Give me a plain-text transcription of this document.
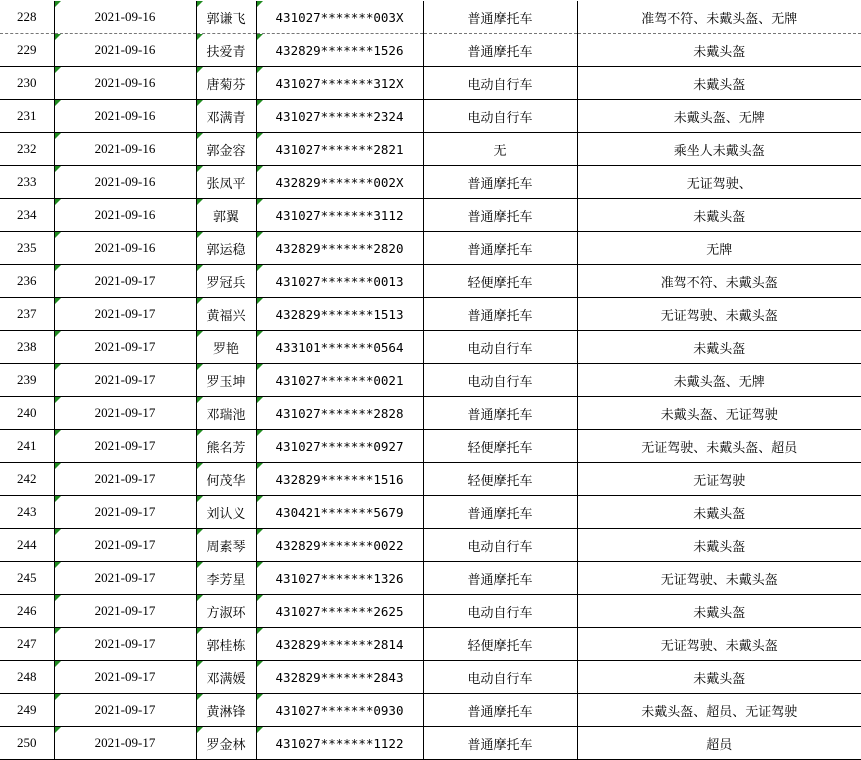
228	2021-09-16	郭谦飞	431027*******003X	普通摩托车	准驾不符、未戴头盔、无牌
229	2021-09-16	扶爱青	432829*******1526	普通摩托车	未戴头盔
230	2021-09-16	唐菊芬	431027*******312X	电动自行车	未戴头盔
231	2021-09-16	邓满青	431027*******2324	电动自行车	未戴头盔、无牌
232	2021-09-16	郭金容	431027*******2821	无	乘坐人未戴头盔
233	2021-09-16	张凤平	432829*******002X	普通摩托车	无证驾驶、
234	2021-09-16	郭翼	431027*******3112	普通摩托车	未戴头盔
235	2021-09-16	郭运稳	432829*******2820	普通摩托车	无牌
236	2021-09-17	罗冠兵	431027*******0013	轻便摩托车	准驾不符、未戴头盔
237	2021-09-17	黄福兴	432829*******1513	普通摩托车	无证驾驶、未戴头盔
238	2021-09-17	罗艳	433101*******0564	电动自行车	未戴头盔
239	2021-09-17	罗玉坤	431027*******0021	电动自行车	未戴头盔、无牌
240	2021-09-17	邓瑞池	431027*******2828	普通摩托车	未戴头盔、无证驾驶
241	2021-09-17	熊名芳	431027*******0927	轻便摩托车	无证驾驶、未戴头盔、超员
242	2021-09-17	何茂华	432829*******1516	轻便摩托车	无证驾驶
243	2021-09-17	刘认义	430421*******5679	普通摩托车	未戴头盔
244	2021-09-17	周素琴	432829*******0022	电动自行车	未戴头盔
245	2021-09-17	李芳星	431027*******1326	普通摩托车	无证驾驶、未戴头盔
246	2021-09-17	方淑环	431027*******2625	电动自行车	未戴头盔
247	2021-09-17	郭桂栋	432829*******2814	轻便摩托车	无证驾驶、未戴头盔
248	2021-09-17	邓满媛	432829*******2843	电动自行车	未戴头盔
249	2021-09-17	黄淋锋	431027*******0930	普通摩托车	未戴头盔、超员、无证驾驶
250	2021-09-17	罗金林	431027*******1122	普通摩托车	超员
